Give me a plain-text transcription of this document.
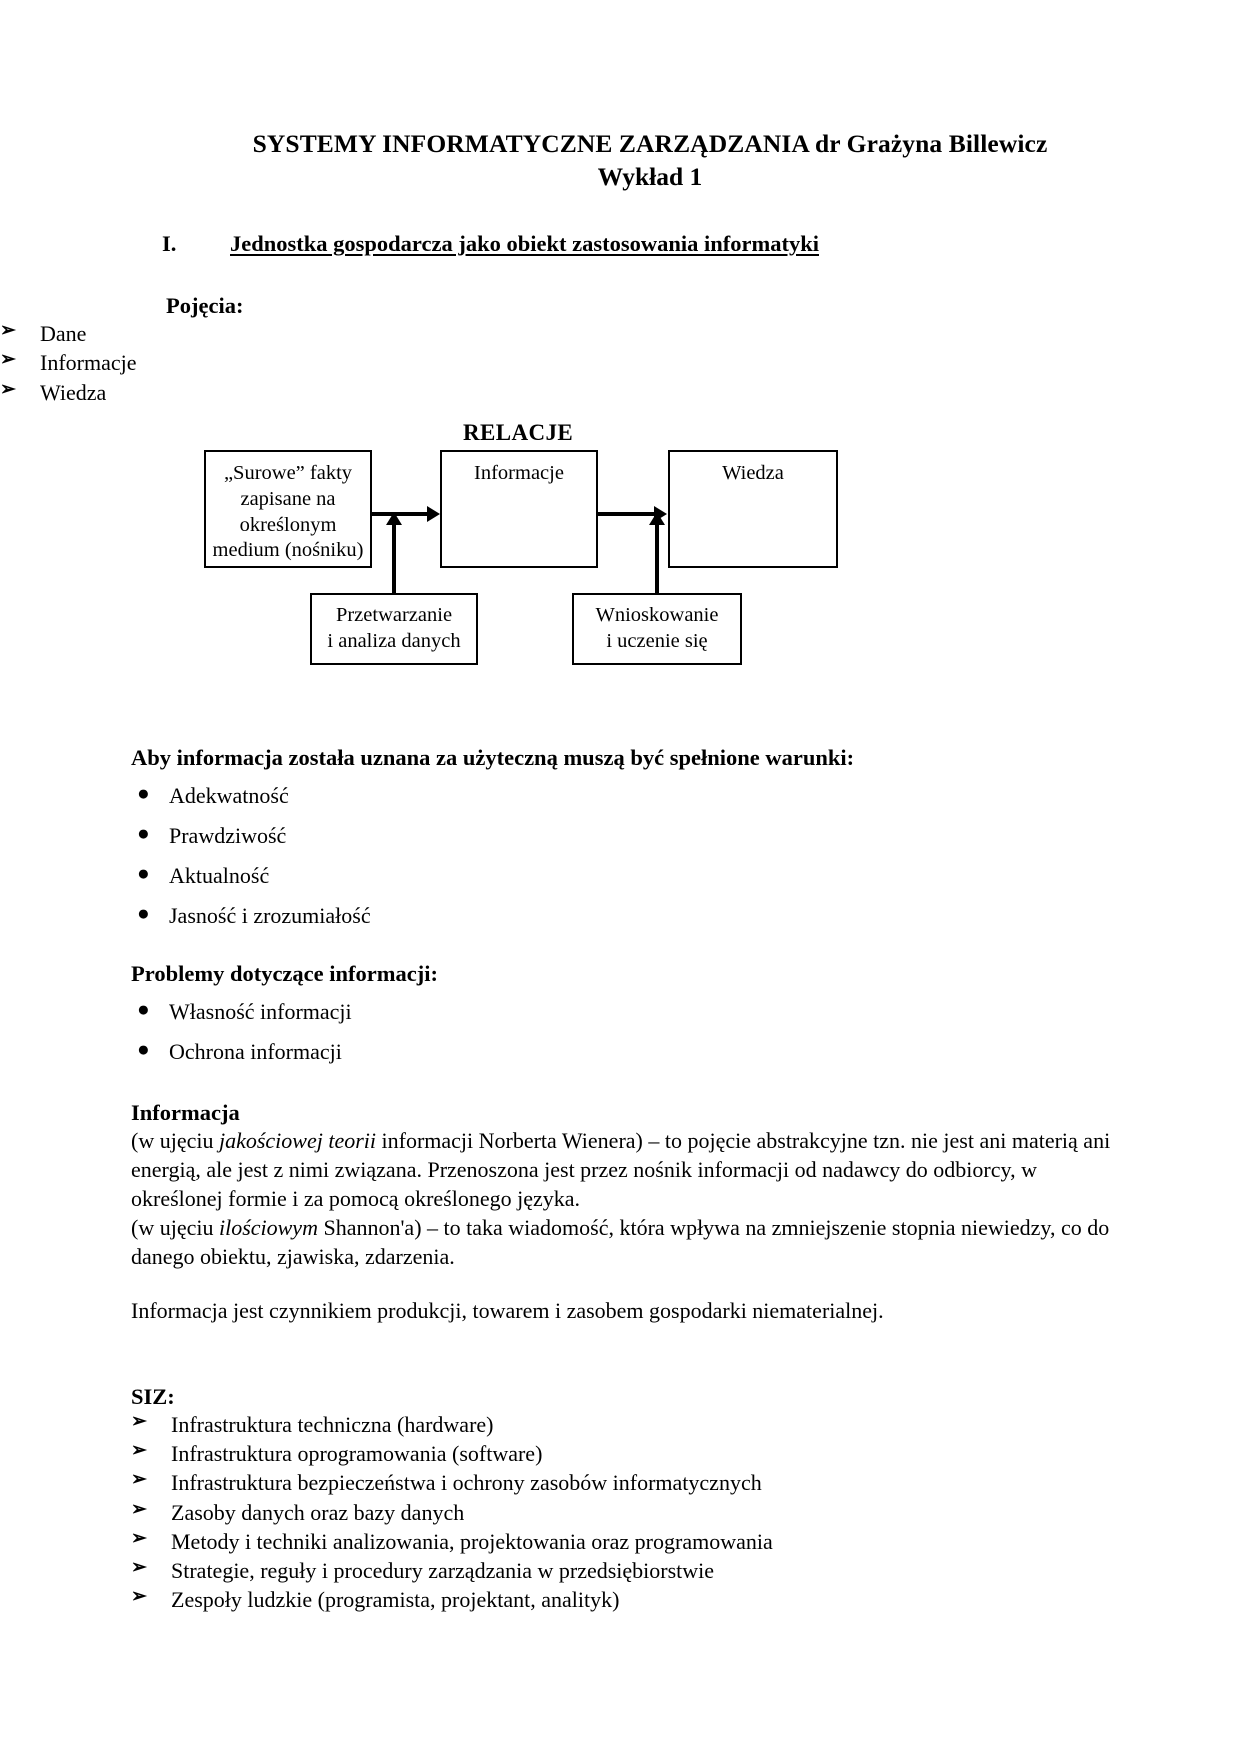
SYSTEMY INFORMATYCZNE ZARZĄDZANIA dr Grażyna Billewicz
Wykład 1
I.	Jednostka gospodarcza jako obiekt zastosowania informatyki
Pojęcia:
➢ Dane
➢ Informacje
➢ Wiedza
RELACJE
„Surowe” fakty zapisane na określonym medium (nośniku)
Informacje	Wiedza
Przetwarzanie
i analiza danych
Wnioskowanie
i uczenie się
Aby informacja została uznana za użyteczną muszą być spełnione warunki:
● Adekwatność
● Prawdziwość
● Aktualność
● Jasność i zrozumiałość
Problemy dotyczące informacji:
● Własność informacji
● Ochrona informacji
Informacja
(w ujęciu jakościowej teorii informacji Norberta Wienera) – to pojęcie abstrakcyjne tzn. nie jest ani materią ani energią, ale jest z nimi związana. Przenoszona jest przez nośnik informacji od nadawcy do odbiorcy, w określonej formie i za pomocą określonego języka.
(w ujęciu ilościowym Shannon'a) – to taka wiadomość, która wpływa na zmniejszenie stopnia niewiedzy, co do danego obiektu, zjawiska, zdarzenia.
Informacja jest czynnikiem produkcji, towarem i zasobem gospodarki niematerialnej.
SIZ:
➢ Infrastruktura techniczna (hardware)
➢ Infrastruktura oprogramowania (software)
➢ Infrastruktura bezpieczeństwa i ochrony zasobów informatycznych
➢ Zasoby danych oraz bazy danych
➢ Metody i techniki analizowania, projektowania oraz programowania
➢ Strategie, reguły i procedury zarządzania w przedsiębiorstwie
➢ Zespoły ludzkie (programista, projektant, analityk)
